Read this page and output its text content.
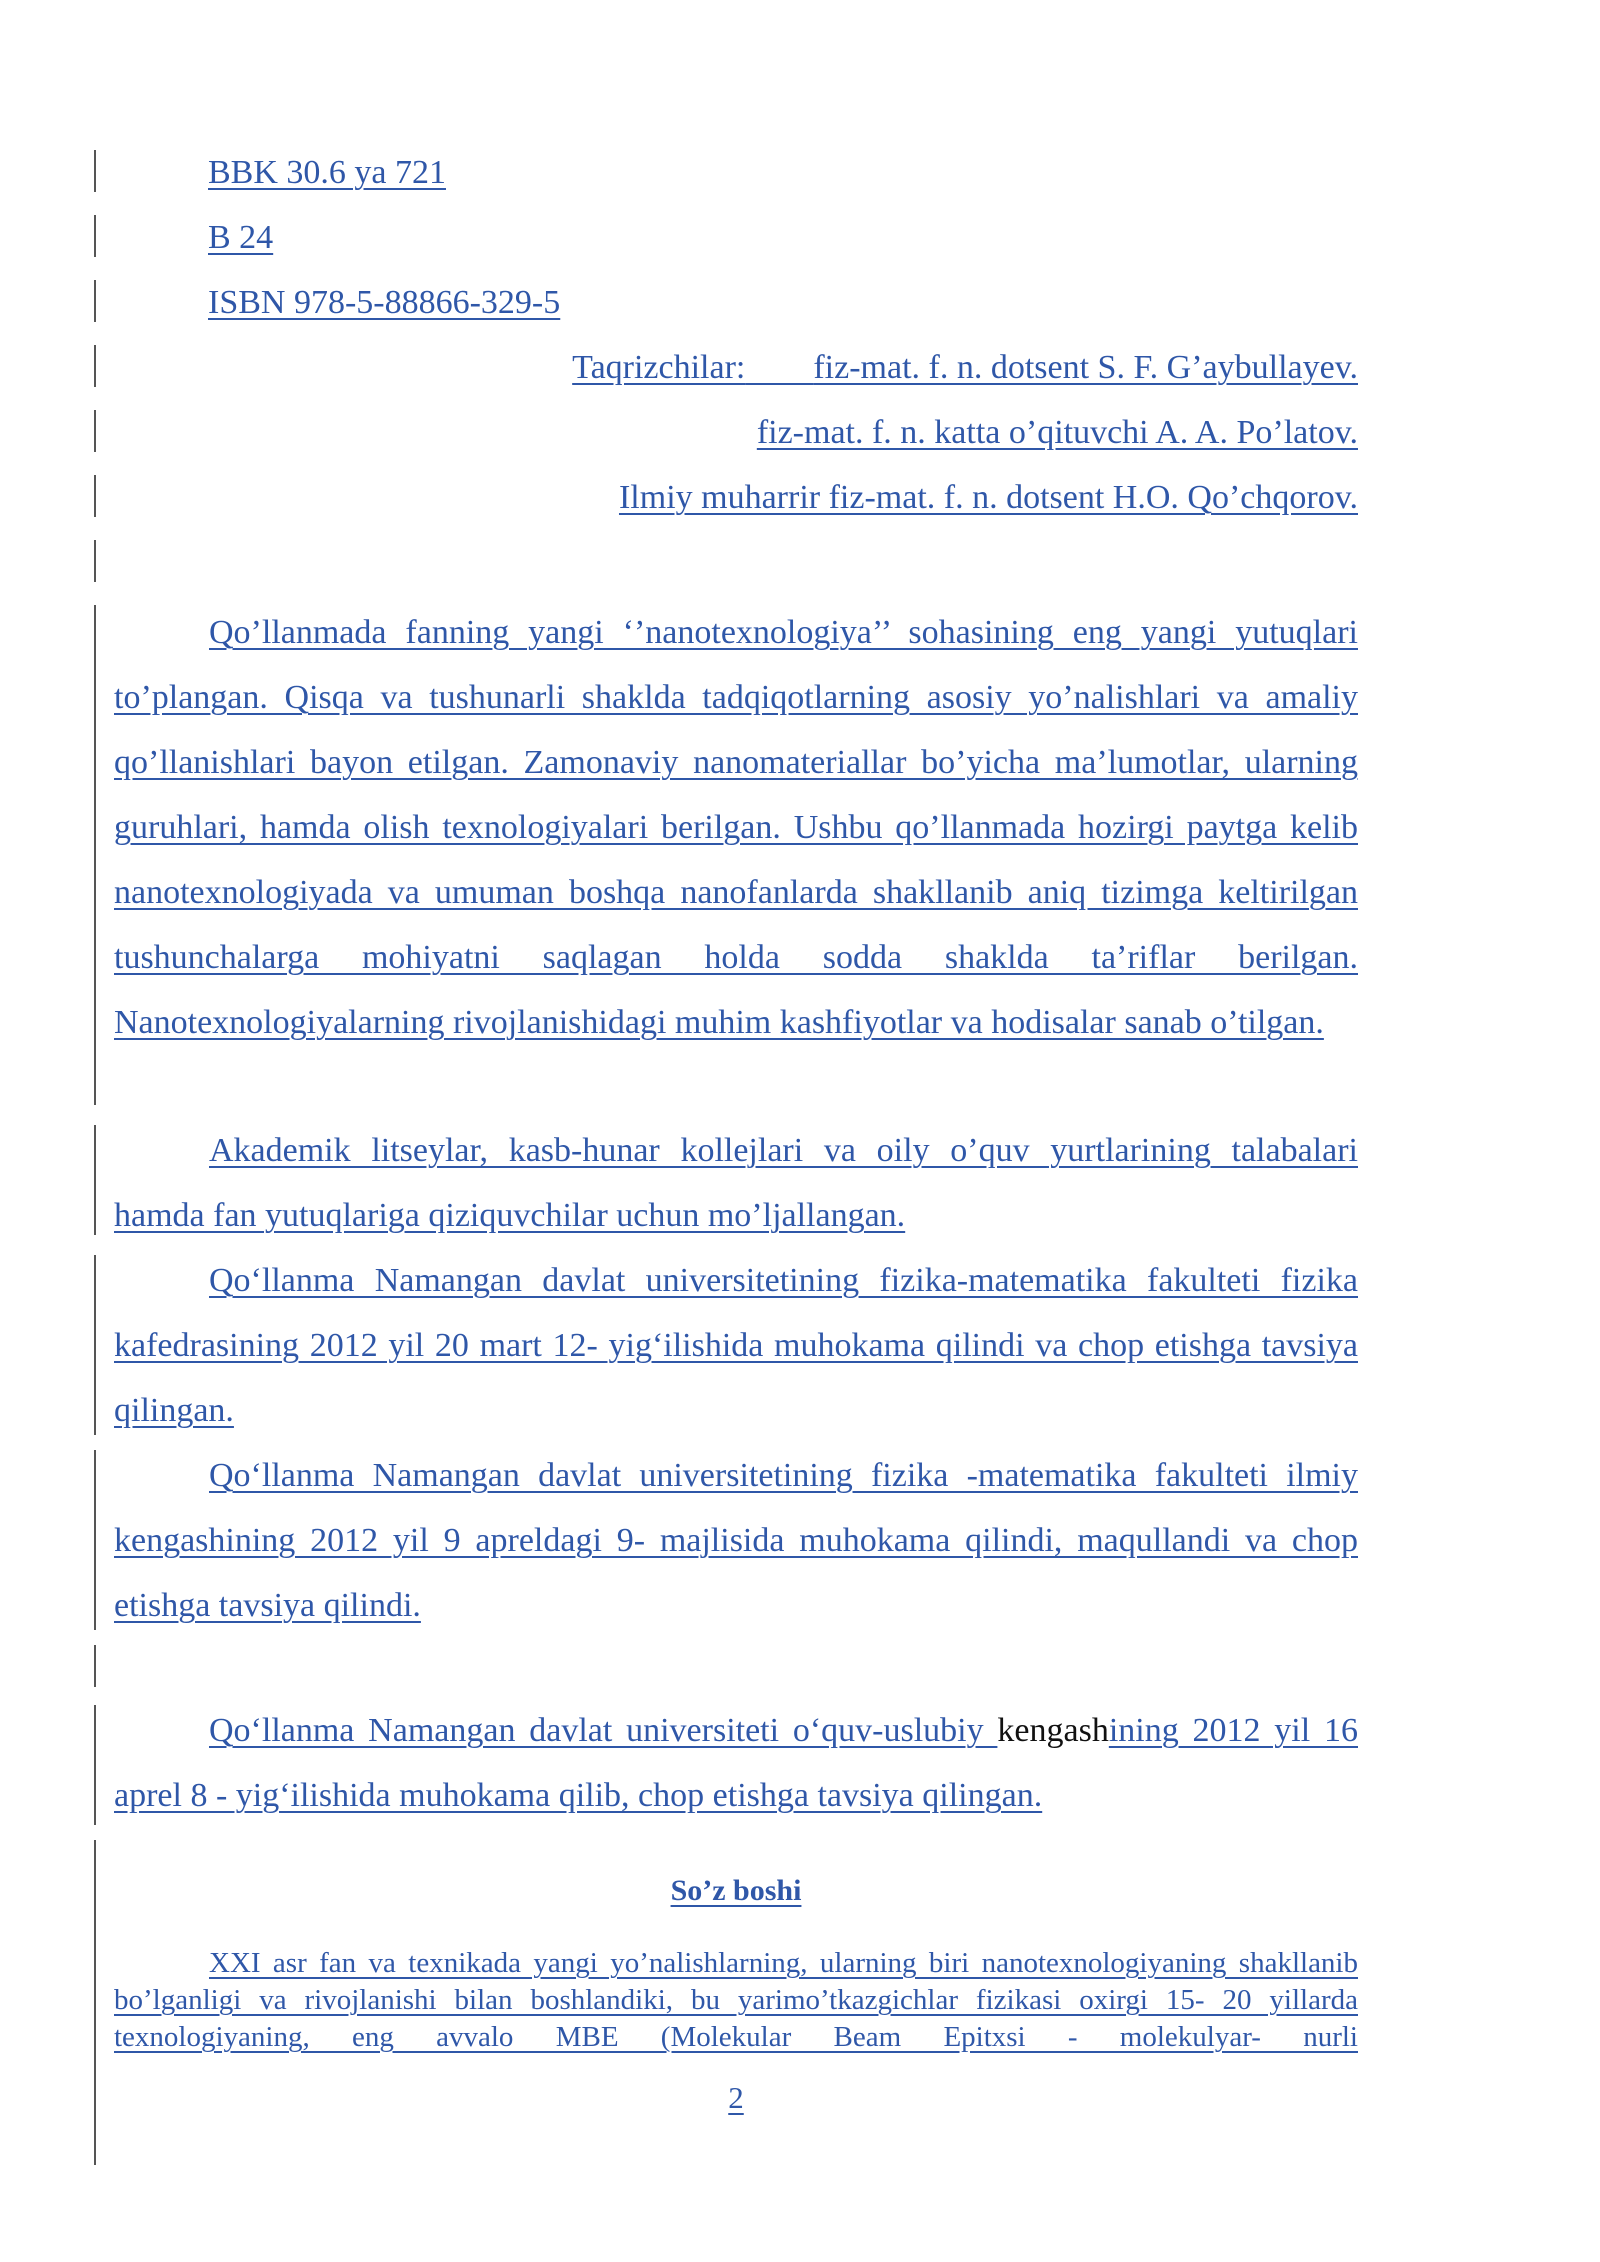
BBK 30.6 ya 721
B 24
ISBN 978-5-88866-329-5
Taqrizchilar: fiz-mat. f. n. dotsent S. F. G’aybullayev.
fiz-mat. f. n. katta o’qituvchi A. A. Po’latov.
Ilmiy muharrir fiz-mat. f. n. dotsent H.O. Qo’chqorov.
Qo’llanmada fanning yangi ‘’nanotexnologiya’’ sohasining eng yangi yutuqlari to’plangan. Qisqa va tushunarli shaklda tadqiqotlarning asosiy yo’nalishlari va amaliy qo’llanishlari bayon etilgan. Zamonaviy nanomateriallar bo’yicha ma’lumotlar, ularning guruhlari, hamda olish texnologiyalari berilgan. Ushbu qo’llanmada hozirgi paytga kelib nanotexnologiyada va umuman boshqa nanofanlarda shakllanib aniq tizimga keltirilgan tushunchalarga mohiyatni saqlagan holda sodda shaklda ta’riflar berilgan. Nanotexnologiyalarning rivojlanishidagi muhim kashfiyotlar va hodisalar sanab o’tilgan.
Akademik litseylar, kasb-hunar kollejlari va oily o’quv yurtlarining talabalari hamda fan yutuqlariga qiziquvchilar uchun mo’ljallangan.
Qo‘llanma Namangan davlat universitetining fizika-matematika fakulteti fizika kafedrasining 2012 yil 20 mart 12- yig‘ilishida muhokama qilindi va chop etishga tavsiya qilingan.
Qo‘llanma Namangan davlat universitetining fizika -matematika fakulteti ilmiy kengashining 2012 yil 9 apreldagi 9- majlisida muhokama qilindi, maqullandi va chop etishga tavsiya qilindi.
Qo‘llanma Namangan davlat universiteti o‘quv-uslubiy kengashining 2012 yil 16 aprel 8 - yig‘ilishida muhokama qilib, chop etishga tavsiya qilingan.
So’z boshi
XXI asr fan va texnikada yangi yo’nalishlarning, ularning biri nanotexnologiyaning shakllanib bo’lganligi va rivojlanishi bilan boshlandiki, bu yarimo’tkazgichlar fizikasi oxirgi 15- 20 yillarda texnologiyaning, eng avvalo MBE (Molekular Beam Epitxsi - molekulyar- nurli
2
